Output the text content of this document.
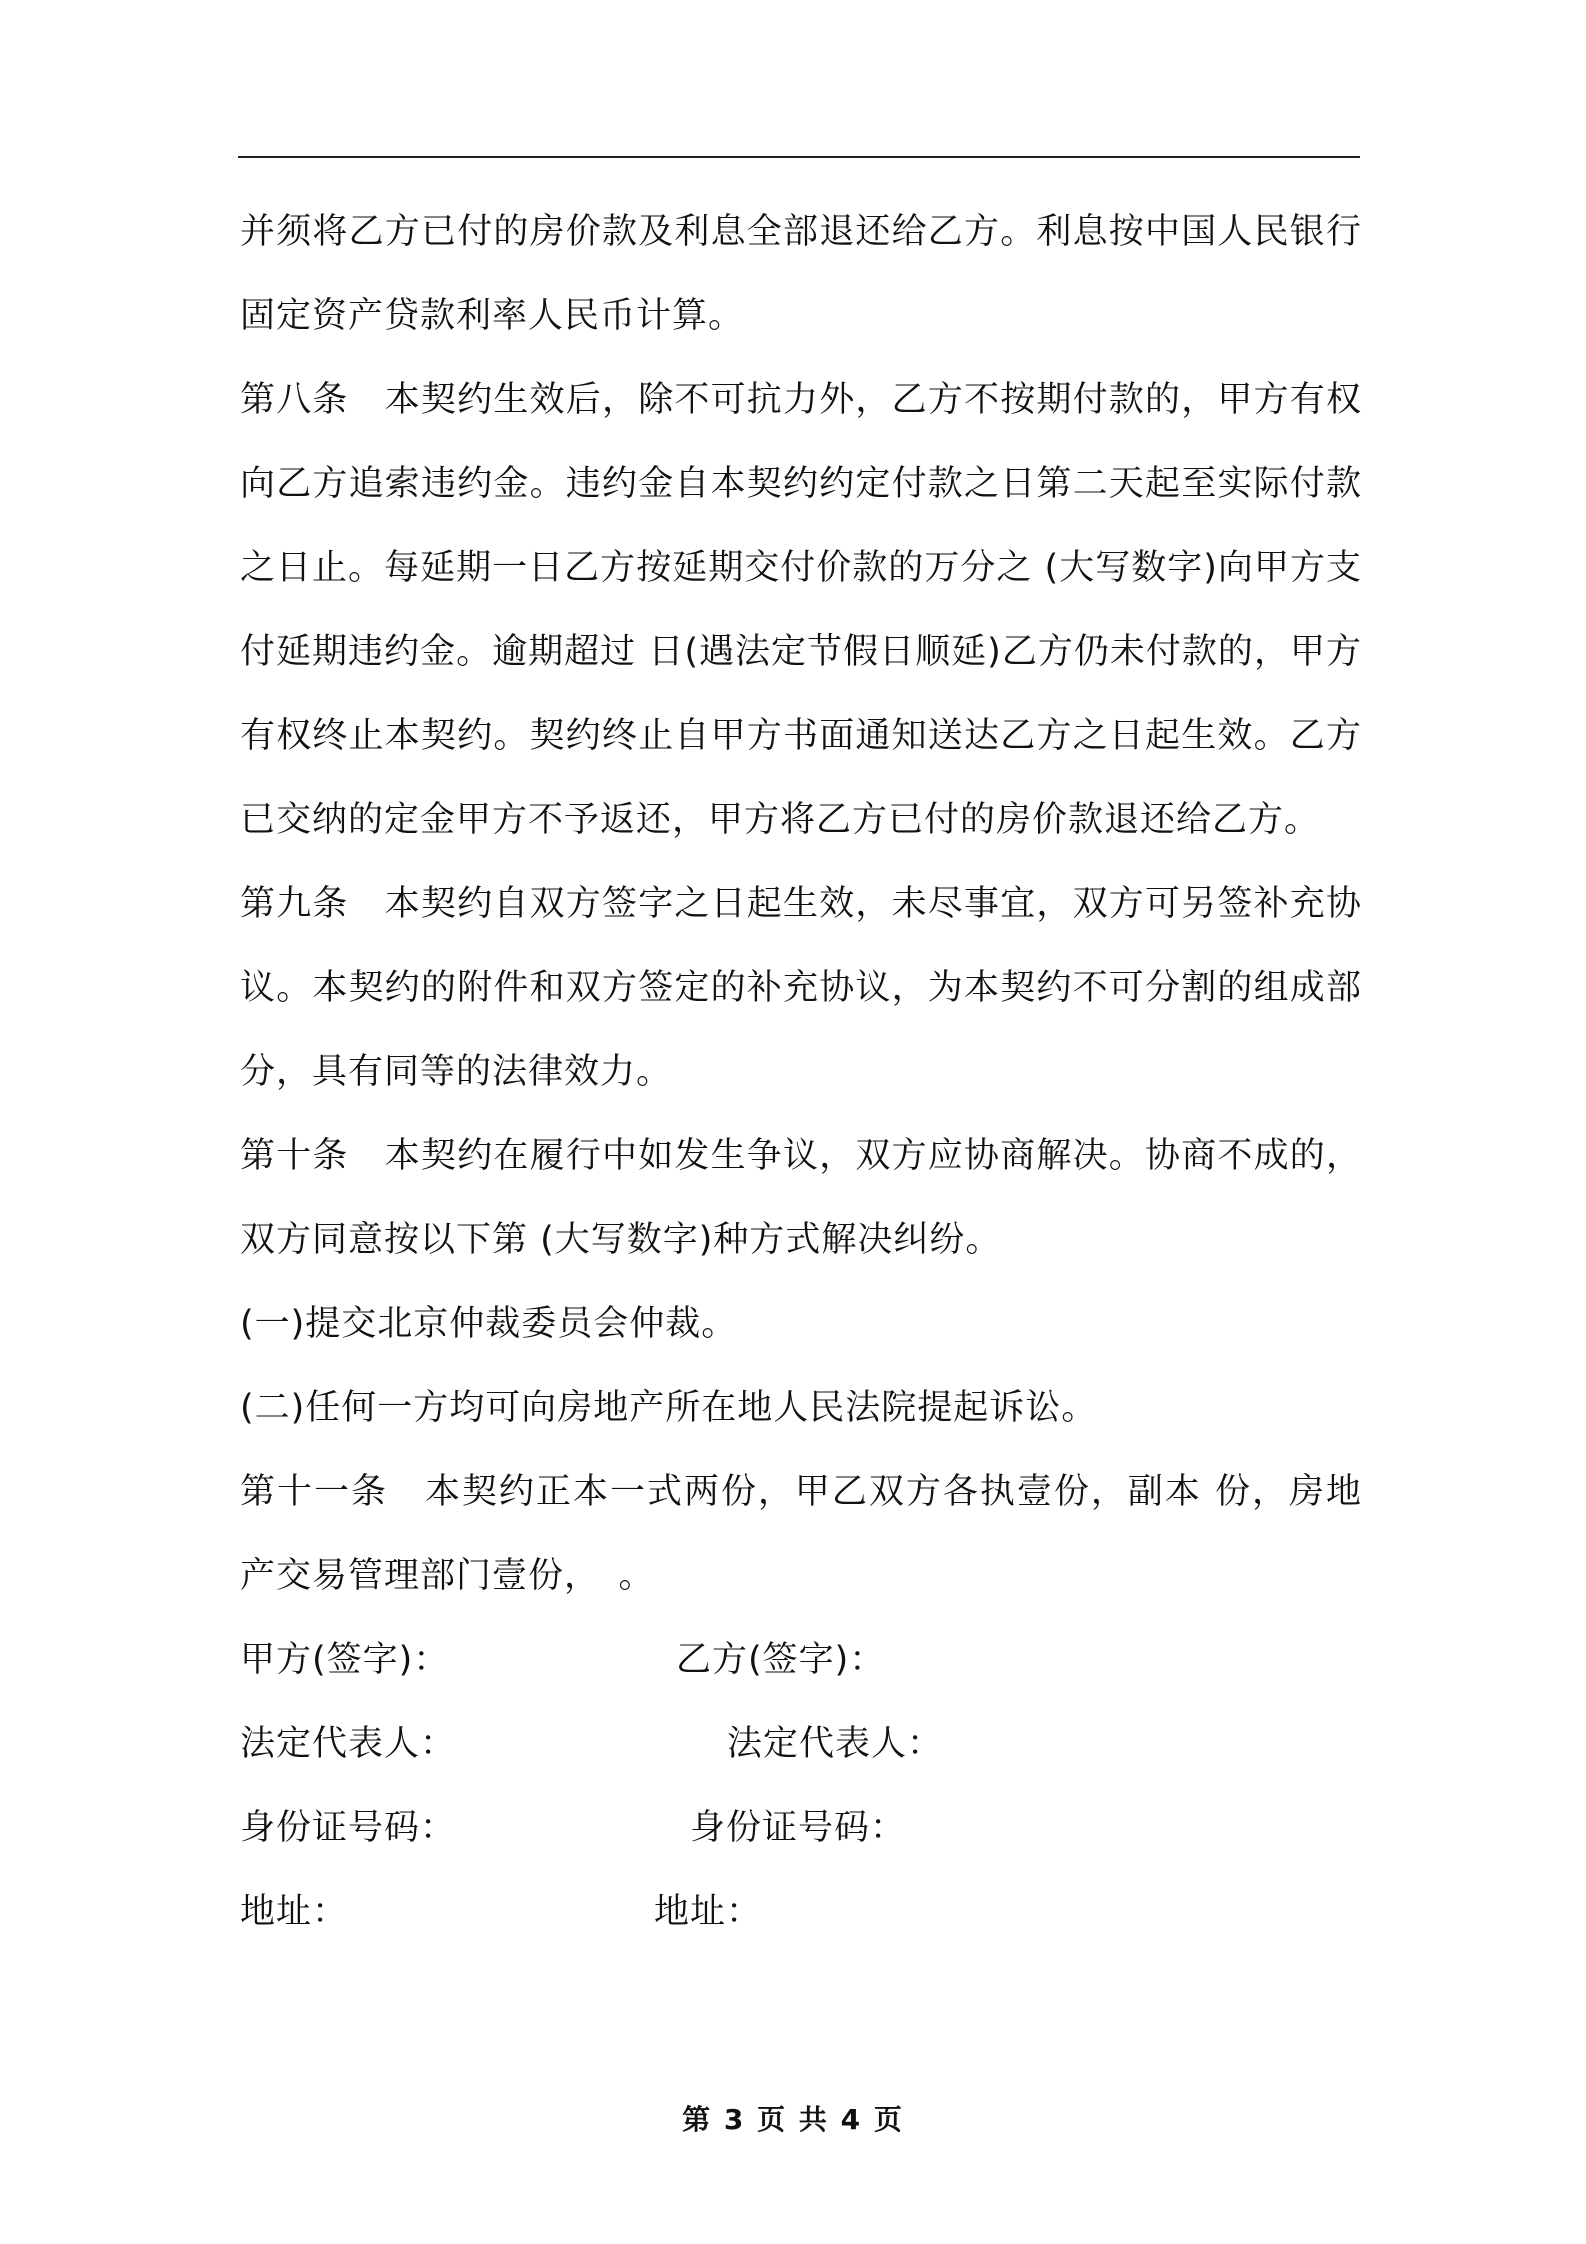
并须将乙方已付的房价款及利息全部退还给乙方。利息按中国人民银行固定资产贷款利率人民币计算。

第八条　本契约生效后，除不可抗力外，乙方不按期付款的，甲方有权向乙方追索违约金。违约金自本契约约定付款之日第二天起至实际付款之日止。每延期一日乙方按延期交付价款的万分之 (大写数字)向甲方支付延期违约金。逾期超过 日(遇法定节假日顺延)乙方仍未付款的，甲方有权终止本契约。契约终止自甲方书面通知送达乙方之日起生效。乙方已交纳的定金甲方不予返还，甲方将乙方已付的房价款退还给乙方。

第九条　本契约自双方签字之日起生效，未尽事宜，双方可另签补充协议。本契约的附件和双方签定的补充协议，为本契约不可分割的组成部分，具有同等的法律效力。

第十条　本契约在履行中如发生争议，双方应协商解决。协商不成的，双方同意按以下第 (大写数字)种方式解决纠纷。

(一)提交北京仲裁委员会仲裁。

(二)任何一方均可向房地产所在地人民法院提起诉讼。

第十一条　本契约正本一式两份，甲乙双方各执壹份，副本 份，房地产交易管理部门壹份，　。

甲方(签字)：	乙方(签字)：
法定代表人：	法定代表人：
身份证号码：	身份证号码：
地址：	地址：
第 3 页 共 4 页
